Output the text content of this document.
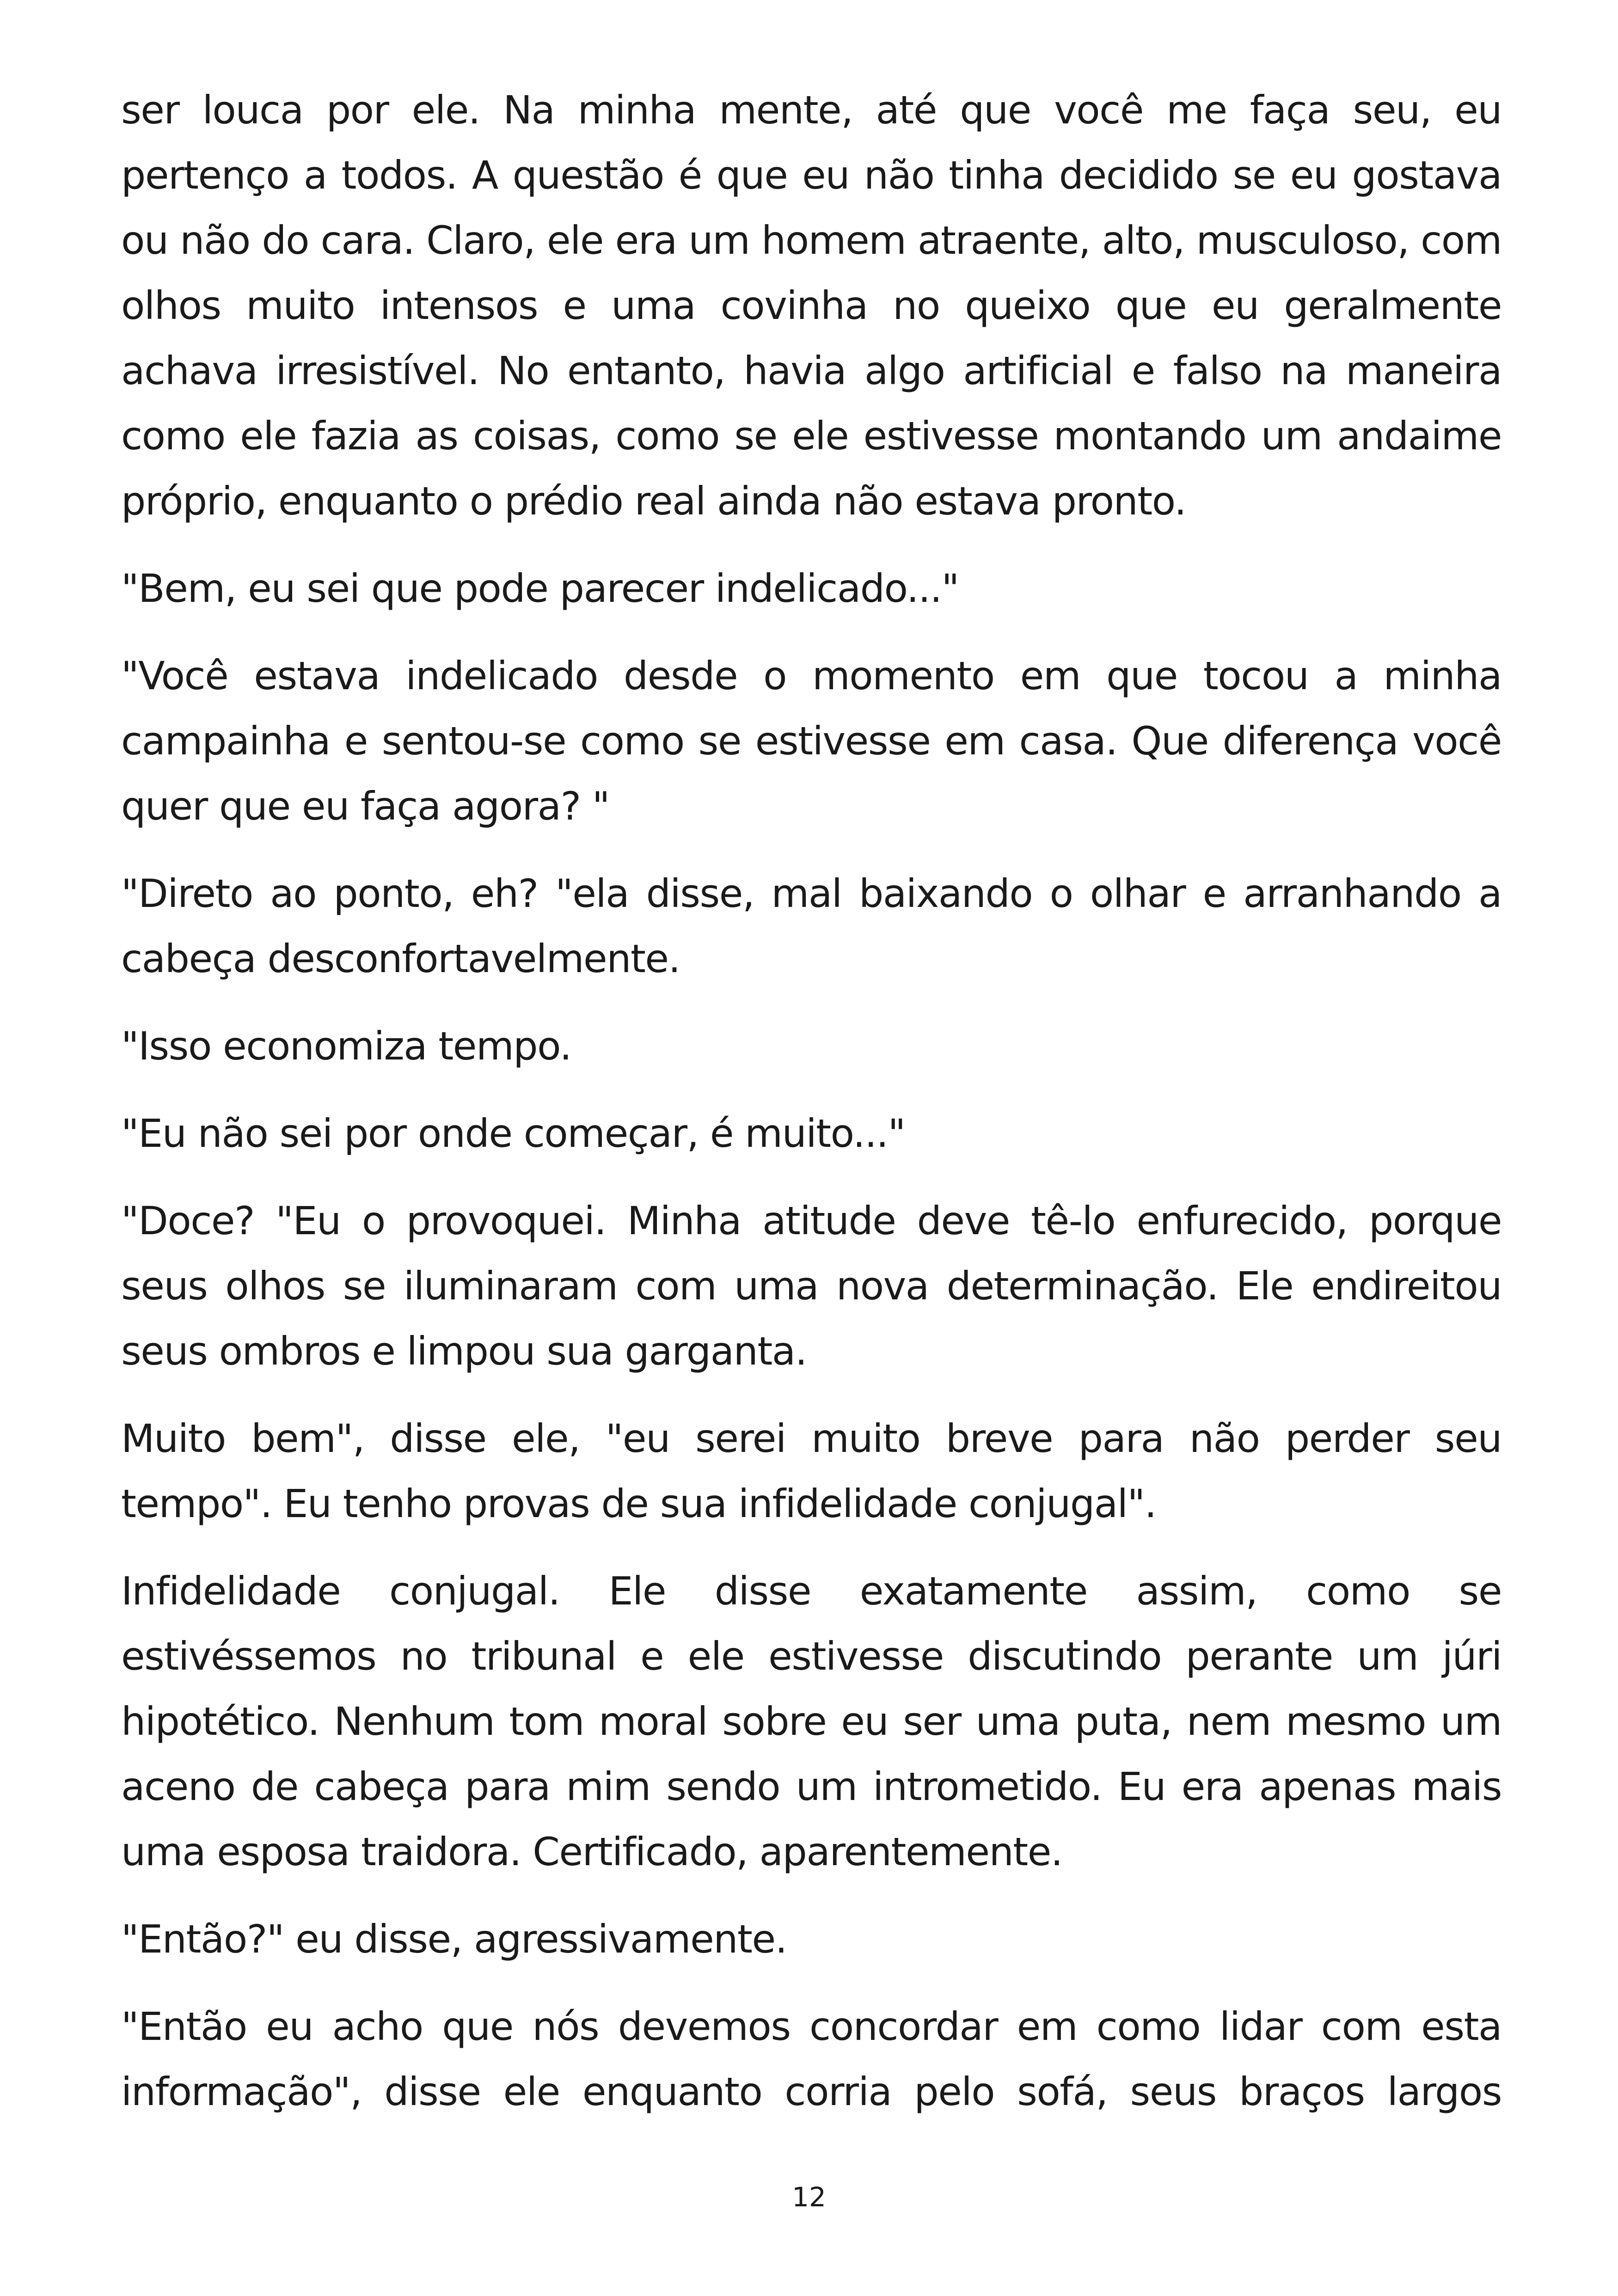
ser louca por ele. Na minha mente, até que você me faça seu, eu pertenço a todos. A questão é que eu não tinha decidido se eu gostava ou não do cara. Claro, ele era um homem atraente, alto, musculoso, com olhos muito intensos e uma covinha no queixo que eu geralmente achava irresistível. No entanto, havia algo artificial e falso na maneira como ele fazia as coisas, como se ele estivesse montando um andaime próprio, enquanto o prédio real ainda não estava pronto.

"Bem, eu sei que pode parecer indelicado..."

"Você estava indelicado desde o momento em que tocou a minha campainha e sentou-se como se estivesse em casa. Que diferença você quer que eu faça agora? "

"Direto ao ponto, eh? "ela disse, mal baixando o olhar e arranhando a cabeça desconfortavelmente.

"Isso economiza tempo.

"Eu não sei por onde começar, é muito..."

"Doce? "Eu o provoquei. Minha atitude deve tê-lo enfurecido, porque seus olhos se iluminaram com uma nova determinação. Ele endireitou seus ombros e limpou sua garganta.

Muito bem", disse ele, "eu serei muito breve para não perder seu tempo". Eu tenho provas de sua infidelidade conjugal".

Infidelidade conjugal. Ele disse exatamente assim, como se estivéssemos no tribunal e ele estivesse discutindo perante um júri hipotético. Nenhum tom moral sobre eu ser uma puta, nem mesmo um aceno de cabeça para mim sendo um intrometido. Eu era apenas mais uma esposa traidora. Certificado, aparentemente.

"Então?" eu disse, agressivamente.

"Então eu acho que nós devemos concordar em como lidar com esta informação", disse ele enquanto corria pelo sofá, seus braços largos

12
